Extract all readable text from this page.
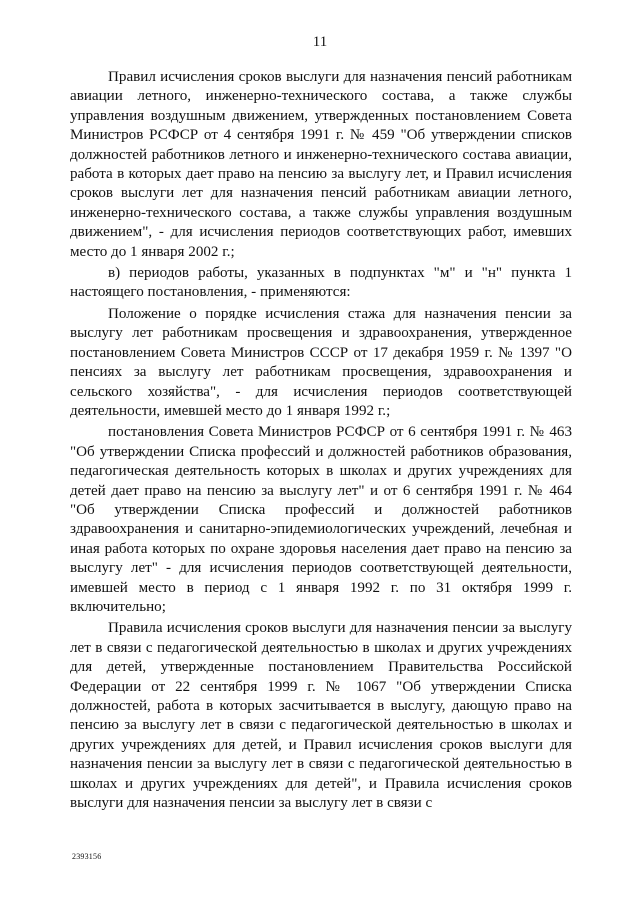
11

Правил исчисления сроков выслуги для назначения пенсий работникам авиации летного, инженерно-технического состава, а также службы управления воздушным движением, утвержденных постановлением Совета Министров РСФСР от 4 сентября 1991 г. № 459 "Об утверждении списков должностей работников летного и инженерно-технического состава авиации, работа в которых дает право на пенсию за выслугу лет, и Правил исчисления сроков выслуги лет для назначения пенсий работникам авиации летного, инженерно-технического состава, а также службы управления воздушным движением", - для исчисления периодов соответствующих работ, имевших место до 1 января 2002 г.;

в) периодов работы, указанных в подпунктах "м" и "н" пункта 1 настоящего постановления, - применяются:

Положение о порядке исчисления стажа для назначения пенсии за выслугу лет работникам просвещения и здравоохранения, утвержденное постановлением Совета Министров СССР от 17 декабря 1959 г. № 1397 "О пенсиях за выслугу лет работникам просвещения, здравоохранения и сельского хозяйства", - для исчисления периодов соответствующей деятельности, имевшей место до 1 января 1992 г.;

постановления Совета Министров РСФСР от 6 сентября 1991 г. № 463 "Об утверждении Списка профессий и должностей работников образования, педагогическая деятельность которых в школах и других учреждениях для детей дает право на пенсию за выслугу лет" и от 6 сентября 1991 г. № 464 "Об утверждении Списка профессий и должностей работников здравоохранения и санитарно-эпидемиологических учреждений, лечебная и иная работа которых по охране здоровья населения дает право на пенсию за выслугу лет" - для исчисления периодов соответствующей деятельности, имевшей место в период с 1 января 1992 г. по 31 октября 1999 г. включительно;

Правила исчисления сроков выслуги для назначения пенсии за выслугу лет в связи с педагогической деятельностью в школах и других учреждениях для детей, утвержденные постановлением Правительства Российской Федерации от 22 сентября 1999 г. № 1067 "Об утверждении Списка должностей, работа в которых засчитывается в выслугу, дающую право на пенсию за выслугу лет в связи с педагогической деятельностью в школах и других учреждениях для детей, и Правил исчисления сроков выслуги для назначения пенсии за выслугу лет в связи с педагогической деятельностью в школах и других учреждениях для детей", и Правила исчисления сроков выслуги для назначения пенсии за выслугу лет в связи с

2393156
